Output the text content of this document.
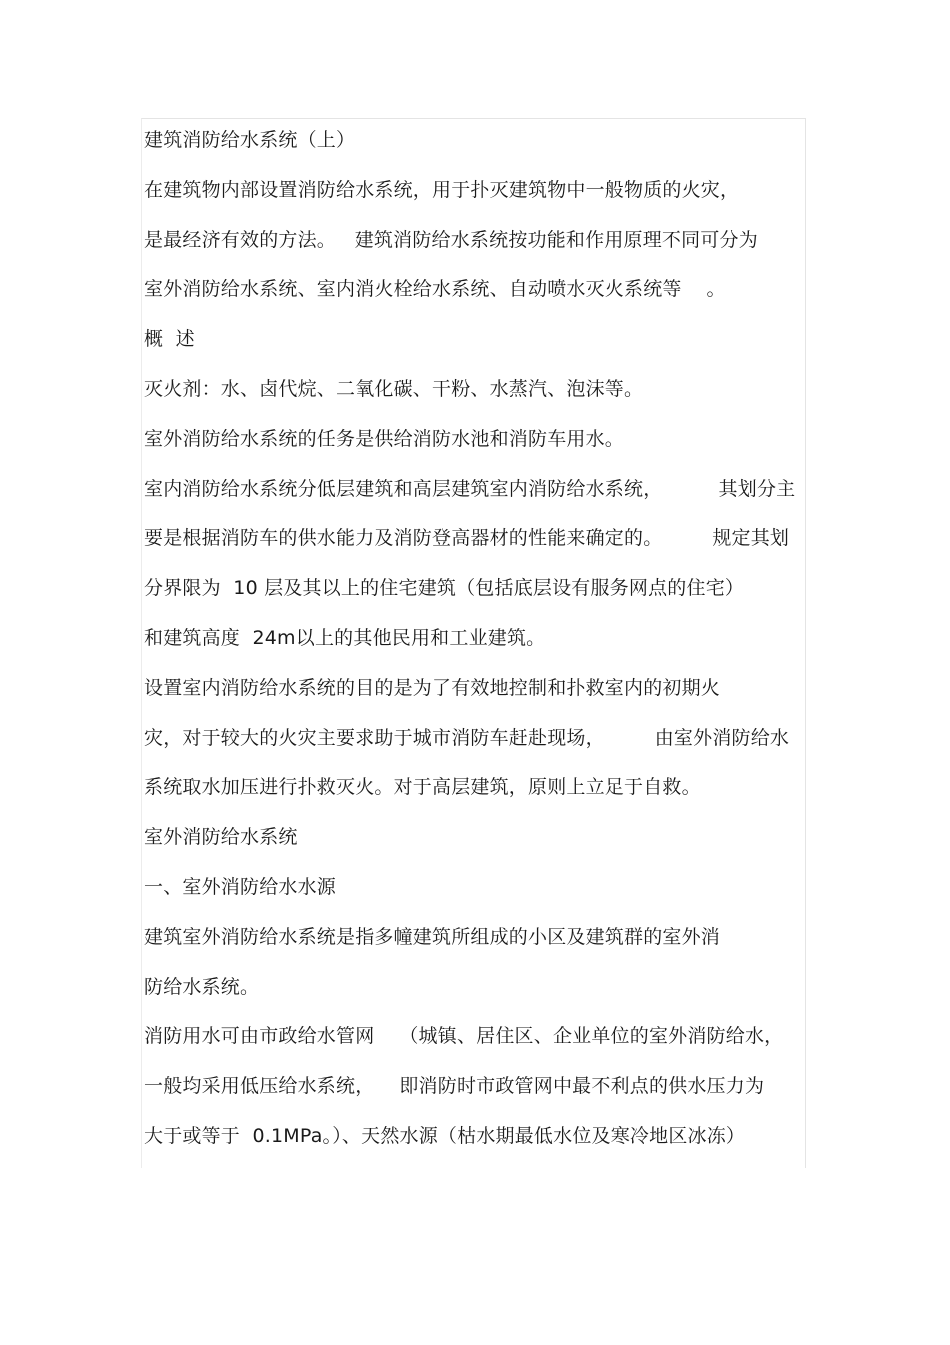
建筑消防给水系统（上）
在建筑物内部设置消防给水系统，用于扑灭建筑物中一般物质的火灾，
是最经济有效的方法。   建筑消防给水系统按功能和作用原理不同可分为
室外消防给水系统、室内消火栓给水系统、自动喷水灭火系统等    。
概  述
灭火剂：水、卤代烷、二氧化碳、干粉、水蒸汽、泡沫等。
室外消防给水系统的任务是供给消防水池和消防车用水。
室内消防给水系统分低层建筑和高层建筑室内消防给水系统，         其划分主
要是根据消防车的供水能力及消防登高器材的性能来确定的。        规定其划
分界限为  10 层及其以上的住宅建筑（包括底层设有服务网点的住宅）
和建筑高度  24m以上的其他民用和工业建筑。
设置室内消防给水系统的目的是为了有效地控制和扑救室内的初期火
灾，对于较大的火灾主要求助于城市消防车赶赴现场，        由室外消防给水
系统取水加压进行扑救灭火。对于高层建筑，原则上立足于自救。
室外消防给水系统
一、室外消防给水水源
建筑室外消防给水系统是指多幢建筑所组成的小区及建筑群的室外消
防给水系统。
消防用水可由市政给水管网    （城镇、居住区、企业单位的室外消防给水，
一般均采用低压给水系统，    即消防时市政管网中最不利点的供水压力为
大于或等于  0.1MPa。）、天然水源（枯水期最低水位及寒冷地区冰冻）
